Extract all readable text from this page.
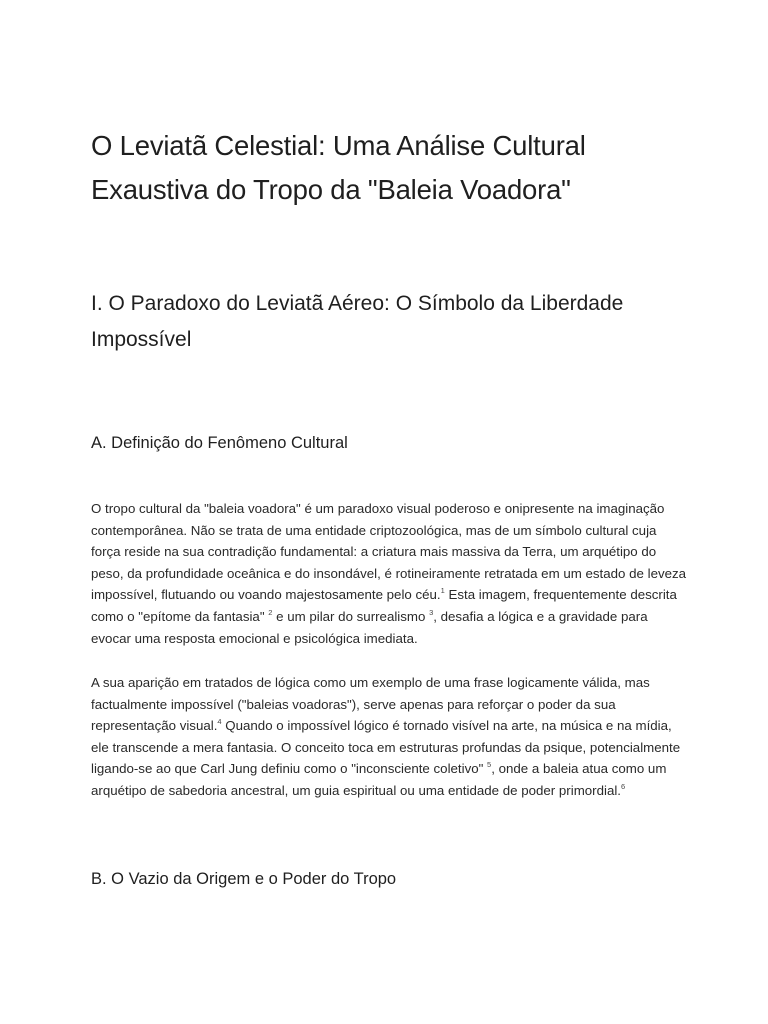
O Leviatã Celestial: Uma Análise Cultural Exaustiva do Tropo da "Baleia Voadora"
I. O Paradoxo do Leviatã Aéreo: O Símbolo da Liberdade Impossível
A. Definição do Fenômeno Cultural

O tropo cultural da "baleia voadora" é um paradoxo visual poderoso e onipresente na imaginação contemporânea. Não se trata de uma entidade criptozoológica, mas de um símbolo cultural cuja força reside na sua contradição fundamental: a criatura mais massiva da Terra, um arquétipo do peso, da profundidade oceânica e do insondável, é rotineiramente retratada em um estado de leveza impossível, flutuando ou voando majestosamente pelo céu.$^1$ Esta imagem, frequentemente descrita como o "epítome da fantasia" $^2$ e um pilar do surrealismo $^3$, desafia a lógica e a gravidade para evocar uma resposta emocional e psicológica imediata.

A sua aparição em tratados de lógica como um exemplo de uma frase logicamente válida, mas factualmente impossível ("baleias voadoras"), serve apenas para reforçar o poder da sua representação visual.$^4$ Quando o impossível lógico é tornado visível na arte, na música e na mídia, ele transcende a mera fantasia. O conceito toca em estruturas profundas da psique, potencialmente ligando-se ao que Carl Jung definiu como o "inconsciente coletivo" $^5$, onde a baleia atua como um arquétipo de sabedoria ancestral, um guia espiritual ou uma entidade de poder primordial.$^6$

B. O Vazio da Origem e o Poder do Tropo
